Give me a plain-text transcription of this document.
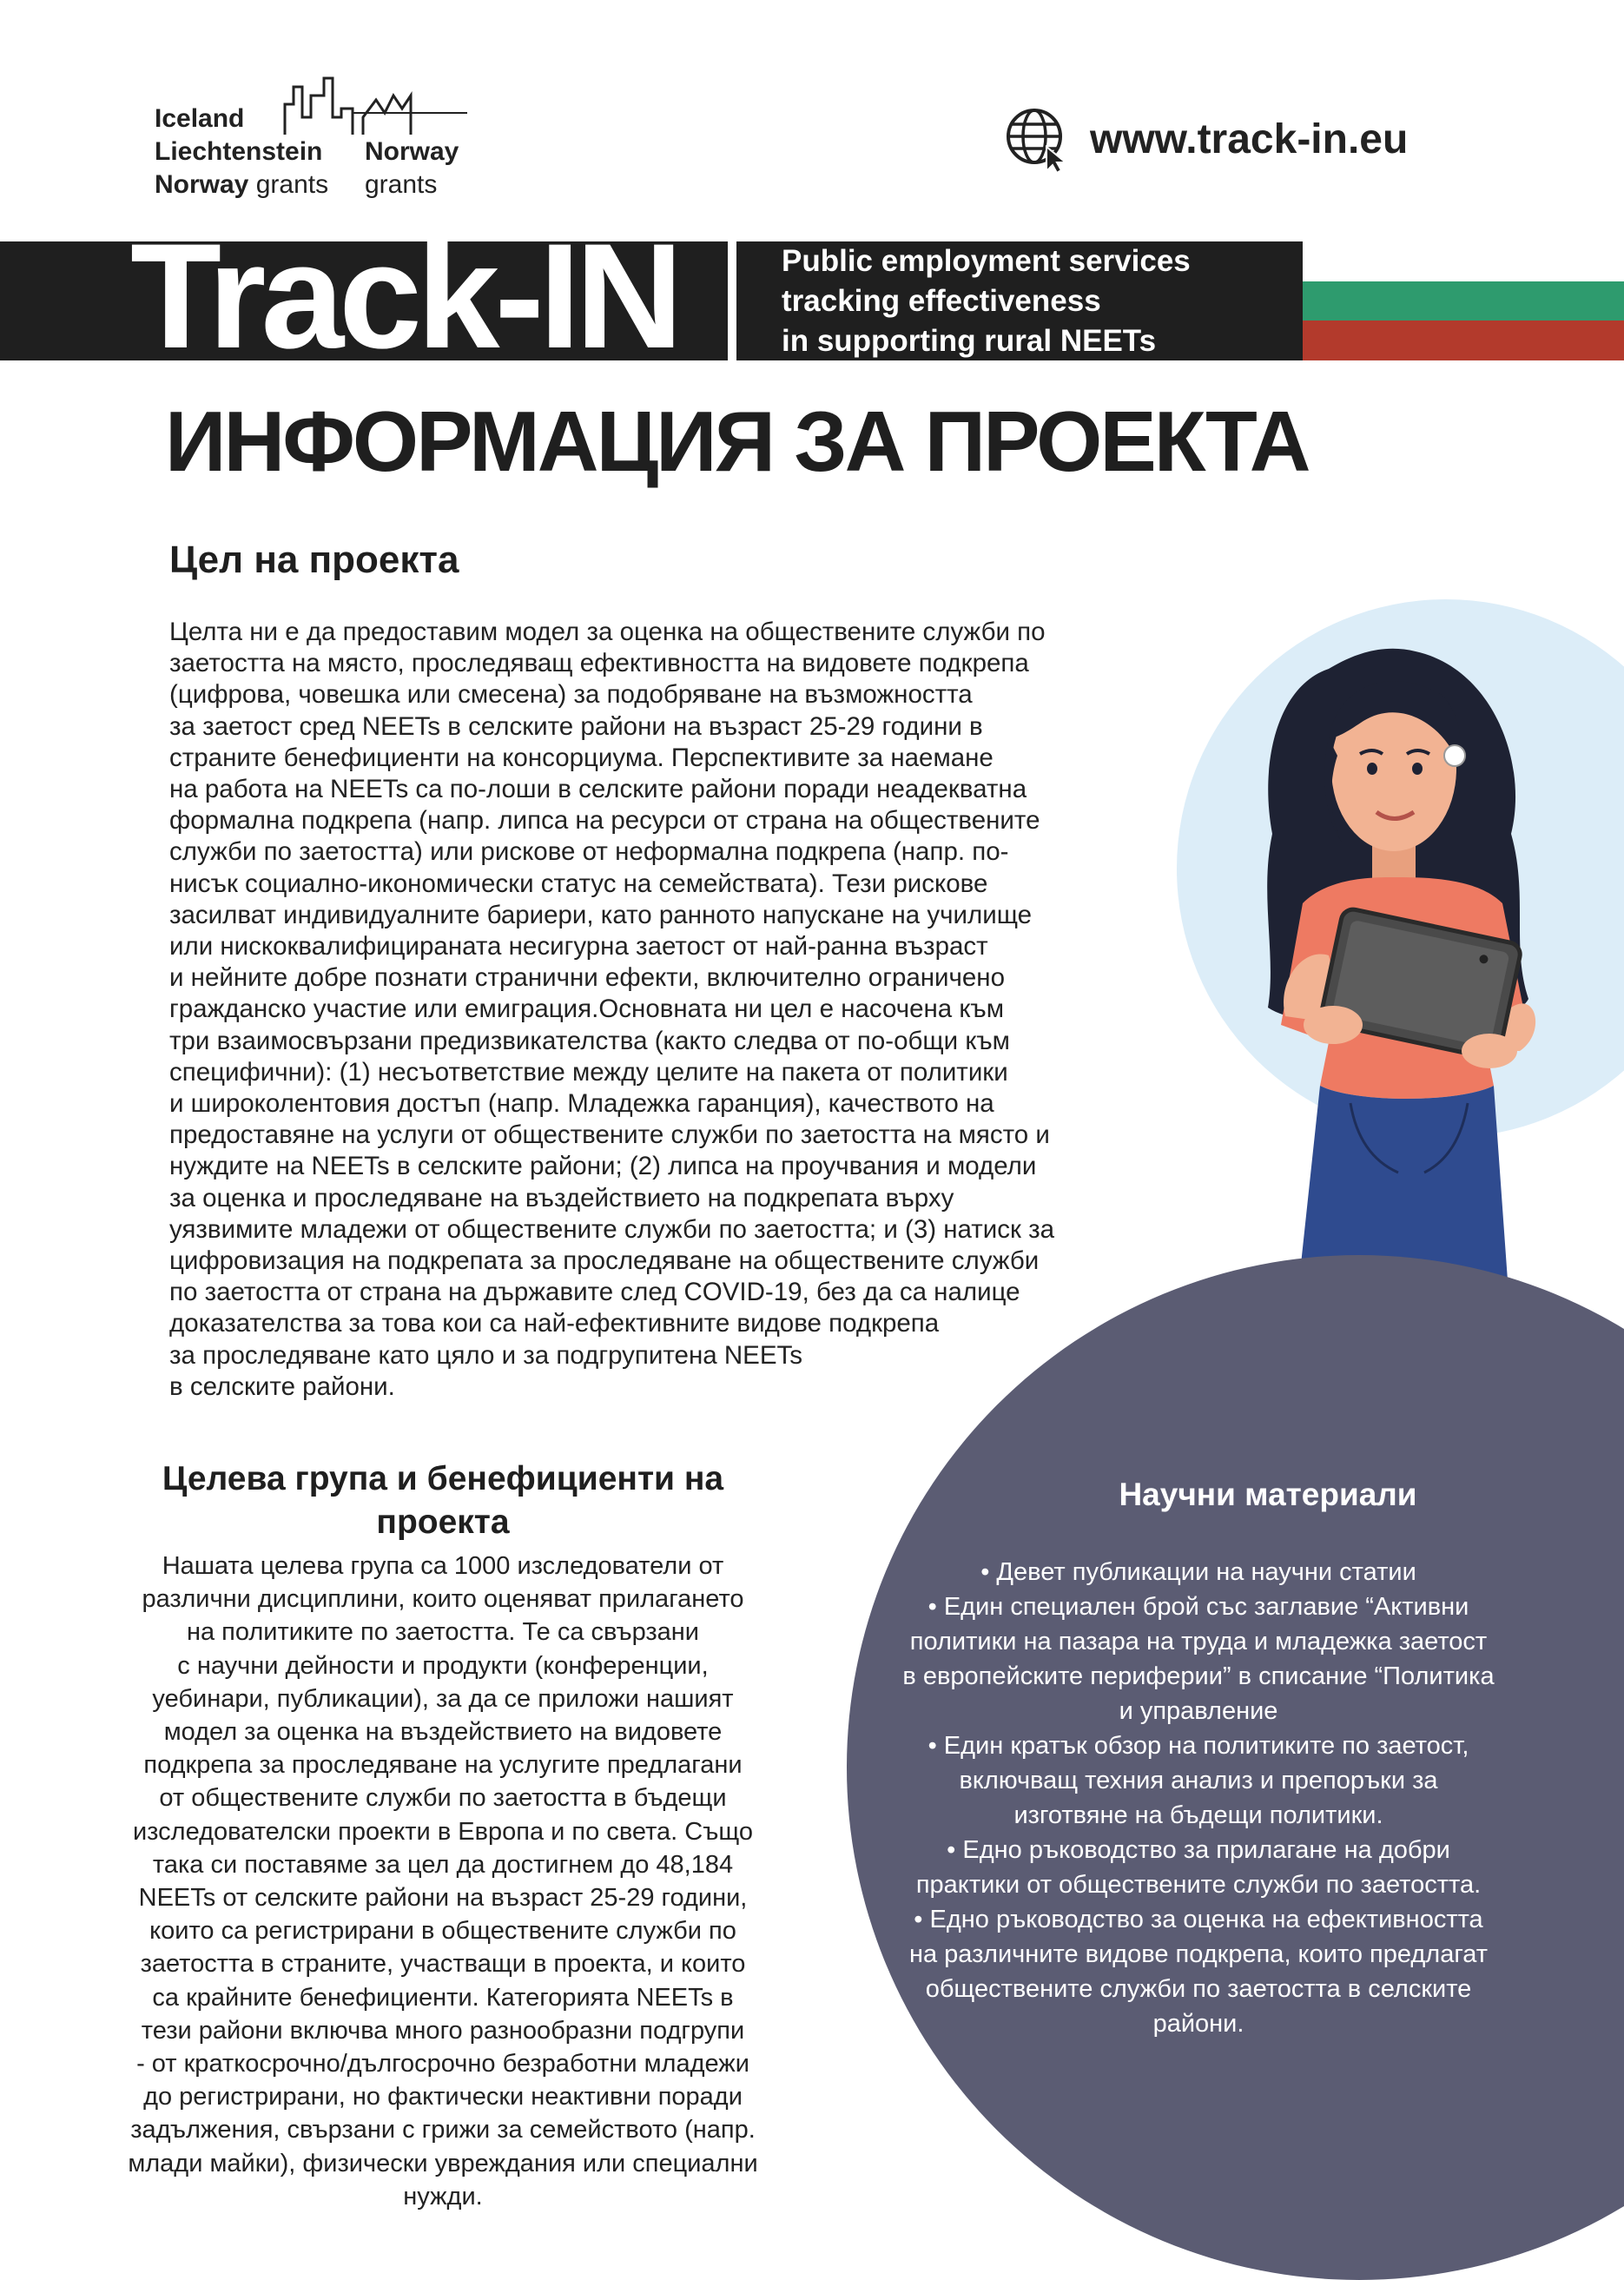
Iceland
Liechtenstein
Norway grants
Norway
grants
www.track-in.eu
Track-IN	Public employment services
tracking effectiveness
in supporting rural NEETs
ИНФОРМАЦИЯ ЗА ПРОЕКТА
Цел на проекта
Целта ни е да предоставим модел за оценка на обществените служби по
заетостта на място, проследяващ ефективността на видовете подкрепа
(цифрова, човешка или смесена) за подобряване на възможността
за заетост сред NEETs в селските райони на възраст 25-29 години в
страните бенефициенти на консорциума. Перспективите за наемане
на работа на NEETs са по-лоши в селските райони поради неадекватна
формална подкрепа (напр. липса на ресурси от страна на обществените
служби по заетостта) или рискове от неформална подкрепа (напр. по-
нисък социално-икономически статус на семействата). Тези рискове
засилват индивидуалните бариери, като ранното напускане на училище
или нискоквалифицираната несигурна заетост от най-ранна възраст
и нейните добре познати странични ефекти, включително ограничено
гражданско участие или емиграция.Основната ни цел е насочена към
три взаимосвързани предизвикателства (както следва от по-общи към
специфични): (1) несъответствие между целите на пакета от политики
и широколентовия достъп (напр. Младежка гаранция), качеството на
предоставяне на услуги от обществените служби по заетостта на място и
нуждите на NEETs в селските райони; (2) липса на проучвания и модели
за оценка и проследяване на въздействието на подкрепата върху
уязвимите младежи от обществените служби по заетостта; и (3) натиск за
цифровизация на подкрепата за проследяване на обществените служби
по заетостта от страна на държавите след COVID-19, без да са налице
доказателства за това кои са най-ефективните видове подкрепа
за проследяване като цяло и за подгрупитена NEETs
в селските райони.
Научни материали
• Девет публикации на научни статии
• Един специален брой със заглавие “Активни
политики на пазара на труда и младежка заетост
в европейските периферии” в списание “Политика
и управление
• Един кратък обзор на политиките по заетост,
включващ техния анализ и препоръки за
изготвяне на бъдещи политики.
• Едно ръководство за прилагане на добри
практики от обществените служби по заетостта.
• Едно ръководство за оценка на ефективността
на различните видове подкрепа, които предлагат
обществените служби по заетостта в селските
райони.
Целева група и бенефициенти на
проекта
Нашата целева група са 1000 изследователи от
различни дисциплини, които оценяват прилагането
на политиките по заетостта. Те са свързани
с научни дейности и продукти (конференции,
уебинари, публикации), за да се приложи нашият
модел за оценка на въздействието на видовете
подкрепа за проследяване на услугите предлагани
от обществените служби по заетостта в бъдещи
изследователски проекти в Европа и по света. Също
така си поставяме за цел да достигнем до 48,184
NEETs от селските райони на възраст 25-29 години,
които са регистрирани в обществените служби по
заетостта в страните, участващи в проекта, и които
са крайните бенефициенти. Категорията NEETs в
тези райони включва много разнообразни подгрупи
- от краткосрочно/дългосрочно безработни младежи
до регистрирани, но фактически неактивни поради
задължения, свързани с грижи за семейството (напр.
млади майки), физически увреждания или специални
нужди.
